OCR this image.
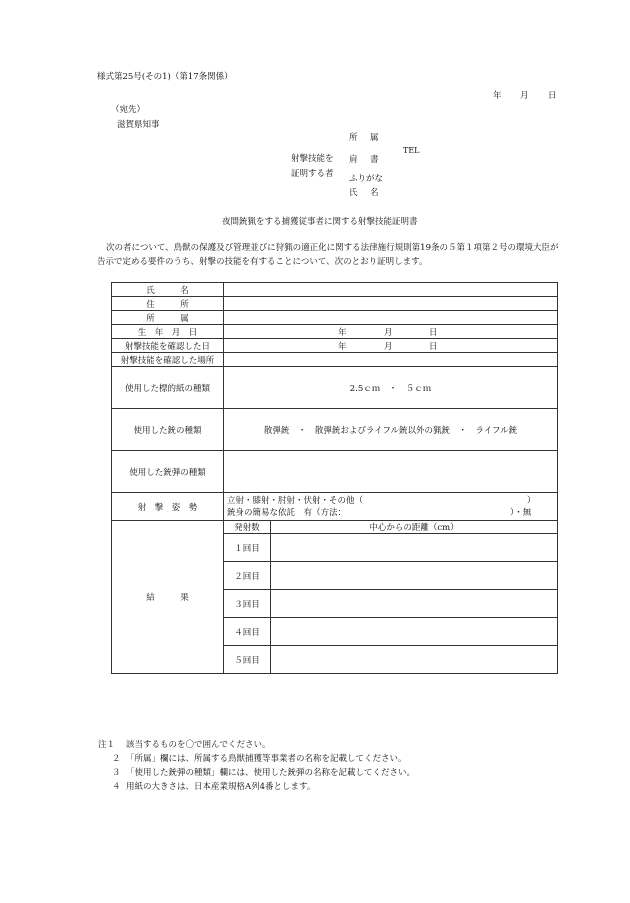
様式第25号(その1)（第17条関係）
年 月 日
（宛先）
滋賀県知事
所　属
TEL
射撃技能を 肩　書
証明する者 ふりがな
氏　名
夜間銃猟をする捕獲従事者に関する射撃技能証明書
次の者について、鳥獣の保護及び管理並びに狩猟の適正化に関する法律施行規則第19条の５第１項第２号の環境大臣が告示で定める要件のうち、射撃の技能を有することについて、次のとおり証明します。
氏　　　名		
住　　　所		
所　　　属		
生　年　月　日	年 月 日	

射撃技能を確認した日	年 月 日	

射撃技能を確認した場所		
使用した標的紙の種類	2.5ｃｍ　・　５ｃｍ	
使用した銃の種類	散弾銃　・　散弾銃およびライフル銃以外の猟銃　・　ライフル銃	
使用した銃弾の種類		
射　撃　姿　勢	立射・膝射・肘射・伏射・その他（ ）
銃身の簡易な依託　有（方法： ）・無	

結　　　果	発射数	中心からの距離（cm）
	１回目	
	２回目	
	３回目	
	４回目	
	５回目	
注１ 該当するものを〇で囲んでください。
２ 「所属」欄には、所属する鳥獣捕獲等事業者の名称を記載してください。
３ 「使用した銃弾の種類」欄には、使用した銃弾の名称を記載してください。
４ 用紙の大きさは、日本産業規格A列4番とします。
